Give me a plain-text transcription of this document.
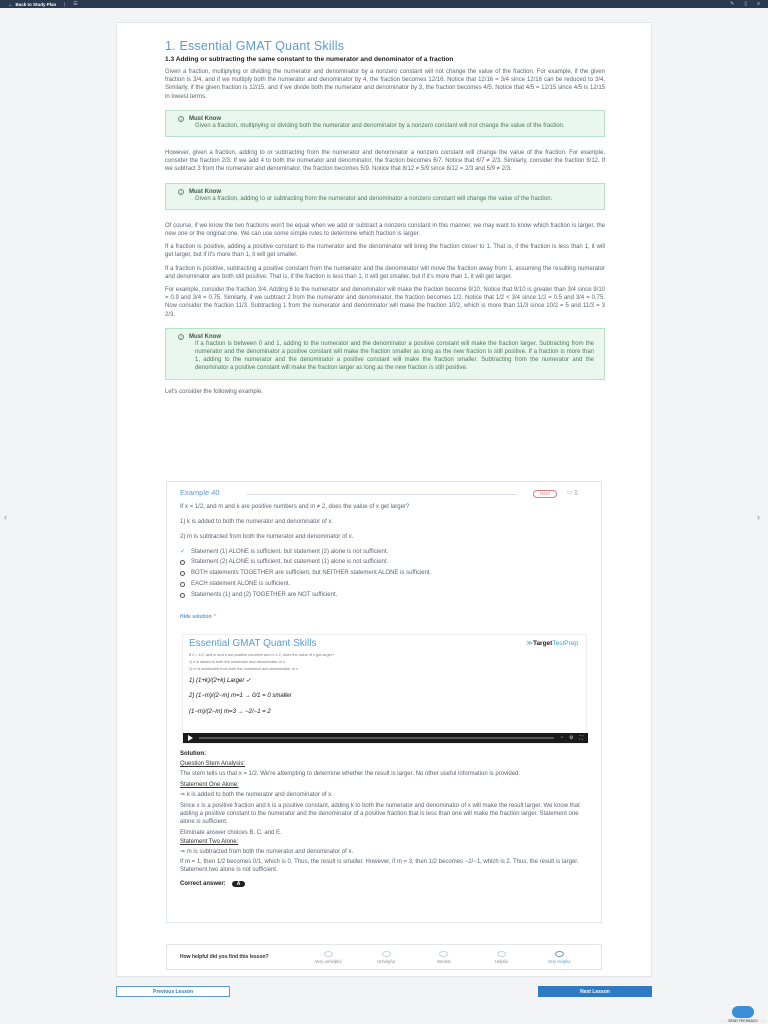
← Back to Study Plan	☰	✎ ▯ ≡
‹	›
1. Essential GMAT Quant Skills
1.3 Adding or subtracting the same constant to the numerator and denominator of a fraction

Given a fraction, multiplying or dividing the numerator and denominator by a nonzero constant will not change the value of the fraction. For example, if the given fraction is 3/4, and if we multiply both the numerator and denominator by 4, the fraction becomes 12/16. Notice that 12/16 = 3/4 since 12/16 can be reduced to 3/4. Similarly, if the given fraction is 12/15, and if we divide both the numerator and denominator by 3, the fraction becomes 4/5. Notice that 4/5 = 12/15 since 4/5 is 12/15 in lowest terms.

i	Must Know
Given a fraction, multiplying or dividing both the numerator and denominator by a nonzero constant will not change the value of the fraction.

However, given a fraction, adding to or subtracting from the numerator and denominator a nonzero constant will change the value of the fraction. For example, consider the fraction 2/3. If we add 4 to both the numerator and denominator, the fraction becomes 6/7. Notice that 6/7 ≠ 2/3. Similarly, consider the fraction 8/12. If we subtract 3 from the numerator and denominator, the fraction becomes 5/9. Notice that 8/12 ≠ 5/9 since 8/12 = 2/3 and 5/9 ≠ 2/3.

i	Must Know
Given a fraction, adding to or subtracting from the numerator and denominator a nonzero constant will change the value of the fraction.

Of course, if we know the two fractions won't be equal when we add or subtract a nonzero constant in this manner, we may want to know which fraction is larger, the new one or the original one. We can use some simple rules to determine which fraction is larger.

If a fraction is positive, adding a positive constant to the numerator and the denominator will bring the fraction closer to 1. That is, if the fraction is less than 1, it will get larger, but if it's more than 1, it will get smaller.

If a fraction is positive, subtracting a positive constant from the numerator and the denominator will move the fraction away from 1, assuming the resulting numerator and denominator are both still positive. That is, if the fraction is less than 1, it will get smaller, but if it's more than 1, it will get larger.

For example, consider the fraction 3/4. Adding 6 to the numerator and denominator will make the fraction become 9/10. Notice that 9/10 is greater than 3/4 since 9/10 = 0.9 and 3/4 = 0.75. Similarly, if we subtract 2 from the numerator and denominator, the fraction becomes 1/2. Notice that 1/2 < 3/4 since 1/2 = 0.5 and 3/4 = 0.75. Now consider the fraction 11/3. Subtracting 1 from the numerator and denominator will make the fraction 10/2, which is more than 11/3 since 10/2 = 5 and 11/3 = 3 2/3.

i	Must Know
If a fraction is between 0 and 1, adding to the numerator and the denominator a positive constant will make the fraction larger. Subtracting from the numerator and the denominator a positive constant will make the fraction smaller as long as the new fraction is still positive. If a fraction is more than 1, adding to the numerator and the denominator a positive constant will make the fraction smaller. Subtracting from the numerator and the denominator a positive constant will make the fraction larger as long as the new fraction is still positive.

Let's consider the following example.

Example 40	Hard	▭ ▯
If x = 1/2, and m and k are positive numbers and m ≠ 2, does the value of x get larger?
1) k is added to both the numerator and denominator of x.
2) m is subtracted from both the numerator and denominator of x.
✓ Statement (1) ALONE is sufficient, but statement (2) alone is not sufficient.
Statement (2) ALONE is sufficient, but statement (1) alone is not sufficient.
BOTH statements TOGETHER are sufficient, but NEITHER statement ALONE is sufficient.
EACH statement ALONE is sufficient.
Statements (1) and (2) TOGETHER are NOT sufficient.
Hide solution ⌃
Essential GMAT Quant Skills	≫TargetTestPrep
If x = 1/2, and m and k are positive numbers and m ≠ 2, does the value of x get larger?
1) k is added to both the numerator and denominator of x.
2) m is subtracted from both the numerator and denominator of x.
1) (1+k)/(2+k) Larger ✓
2) (1−m)/(2−m) m=1 → 0/1 = 0 smaller
(1−m)/(2−m) m=3 → −2/−1 = 2
◔ ⚙ ⛶
Solution:
Question Stem Analysis:
The stem tells us that x = 1/2. We're attempting to determine whether the result is larger. No other useful information is provided.
Statement One Alone:
⇒ k is added to both the numerator and denominator of x.
Since x is a positive fraction and k is a positive constant, adding k to both the numerator and denominator of x will make the result larger. We know that adding a positive constant to the numerator and the denominator of a positive fraction that is less than one will make the fraction larger. Statement one alone is sufficient.
Eliminate answer choices B, C, and E.
Statement Two Alone:
⇒ m is subtracted from both the numerator and denominator of x.
If m = 1, then 1/2 becomes 0/1, which is 0. Thus, the result is smaller. However, if m = 3, then 1/2 becomes −2/−1, which is 2. Thus, the result is larger. Statement two alone is not sufficient.
Correct answer:	A
How helpful did you find this lesson?
Very unhelpful	Unhelpful	Neutral	Helpful	Very Helpful
Previous Lesson	Next Lesson
SEND FEEDBACK
